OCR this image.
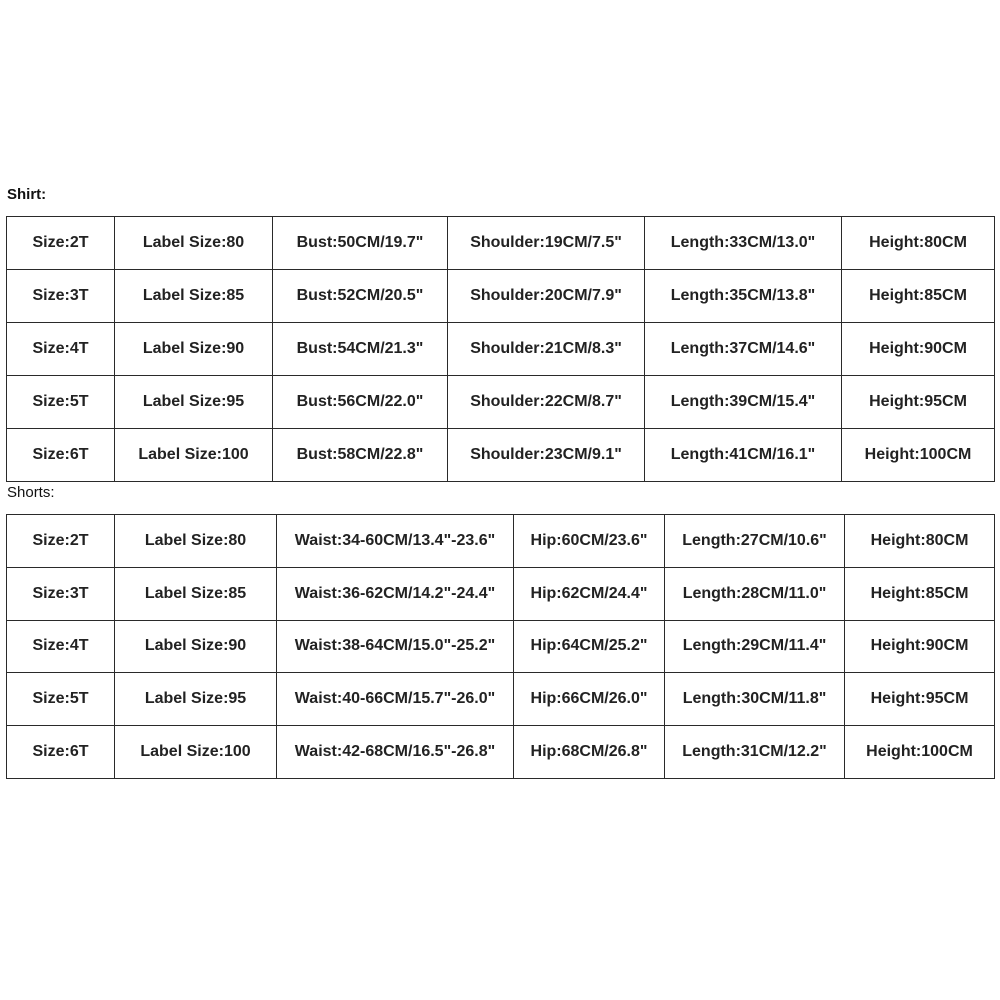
Shirt:
Size:2T	Label Size:80	Bust:50CM/19.7"	Shoulder:19CM/7.5"	Length:33CM/13.0"	Height:80CM
Size:3T	Label Size:85	Bust:52CM/20.5"	Shoulder:20CM/7.9"	Length:35CM/13.8"	Height:85CM
Size:4T	Label Size:90	Bust:54CM/21.3"	Shoulder:21CM/8.3"	Length:37CM/14.6"	Height:90CM
Size:5T	Label Size:95	Bust:56CM/22.0"	Shoulder:22CM/8.7"	Length:39CM/15.4"	Height:95CM
Size:6T	Label Size:100	Bust:58CM/22.8"	Shoulder:23CM/9.1"	Length:41CM/16.1"	Height:100CM
Shorts:
Size:2T	Label Size:80	Waist:34-60CM/13.4"-23.6"	Hip:60CM/23.6"	Length:27CM/10.6"	Height:80CM
Size:3T	Label Size:85	Waist:36-62CM/14.2"-24.4"	Hip:62CM/24.4"	Length:28CM/11.0"	Height:85CM
Size:4T	Label Size:90	Waist:38-64CM/15.0"-25.2"	Hip:64CM/25.2"	Length:29CM/11.4"	Height:90CM
Size:5T	Label Size:95	Waist:40-66CM/15.7"-26.0"	Hip:66CM/26.0"	Length:30CM/11.8"	Height:95CM
Size:6T	Label Size:100	Waist:42-68CM/16.5"-26.8"	Hip:68CM/26.8"	Length:31CM/12.2"	Height:100CM
